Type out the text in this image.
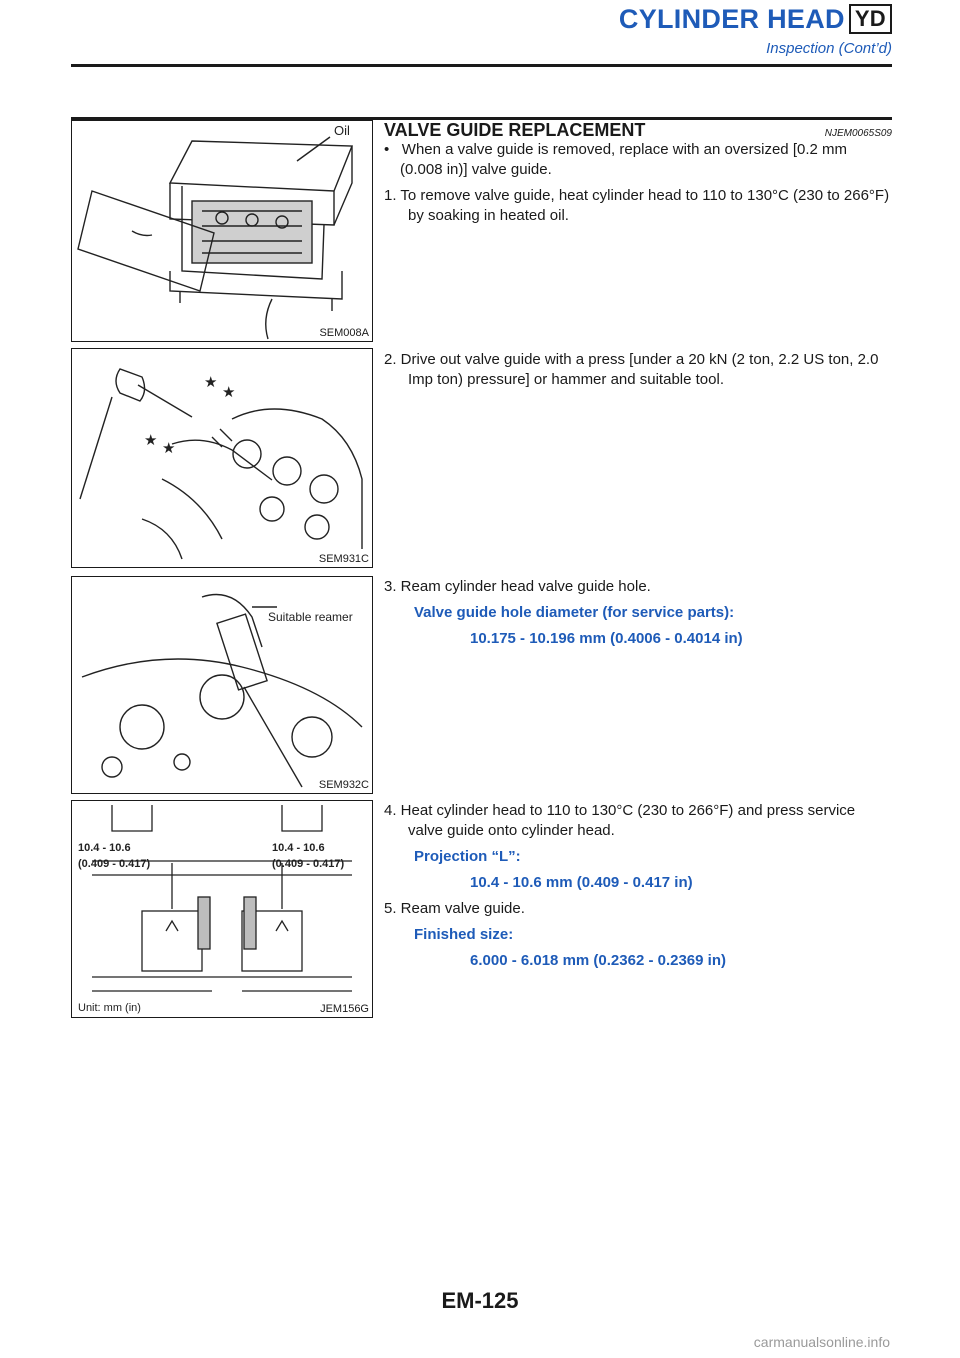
CYLINDER HEAD YD
Inspection (Cont’d)
Oil
SEM008A
★
★
★ ★
SEM931C
Suitable reamer
SEM932C
10.4 - 10.6
(0.409 - 0.417)
10.4 - 10.6
(0.409 - 0.417)
Unit: mm (in)	JEM156G
VALVE GUIDE REPLACEMENT	NJEM0065S09
• When a valve guide is removed, replace with an oversized [0.2 mm (0.008 in)] valve guide.
1. To remove valve guide, heat cylinder head to 110 to 130°C (230 to 266°F) by soaking in heated oil.
2. Drive out valve guide with a press [under a 20 kN (2 ton, 2.2 US ton, 2.0 Imp ton) pressure] or hammer and suitable tool.
3. Ream cylinder head valve guide hole.
Valve guide hole diameter (for service parts):
10.175 - 10.196 mm (0.4006 - 0.4014 in)
4. Heat cylinder head to 110 to 130°C (230 to 266°F) and press service valve guide onto cylinder head.
Projection “L”:
10.4 - 10.6 mm (0.409 - 0.417 in)
5. Ream valve guide.
Finished size:
6.000 - 6.018 mm (0.2362 - 0.2369 in)
EM-125
carmanualsonline.info
